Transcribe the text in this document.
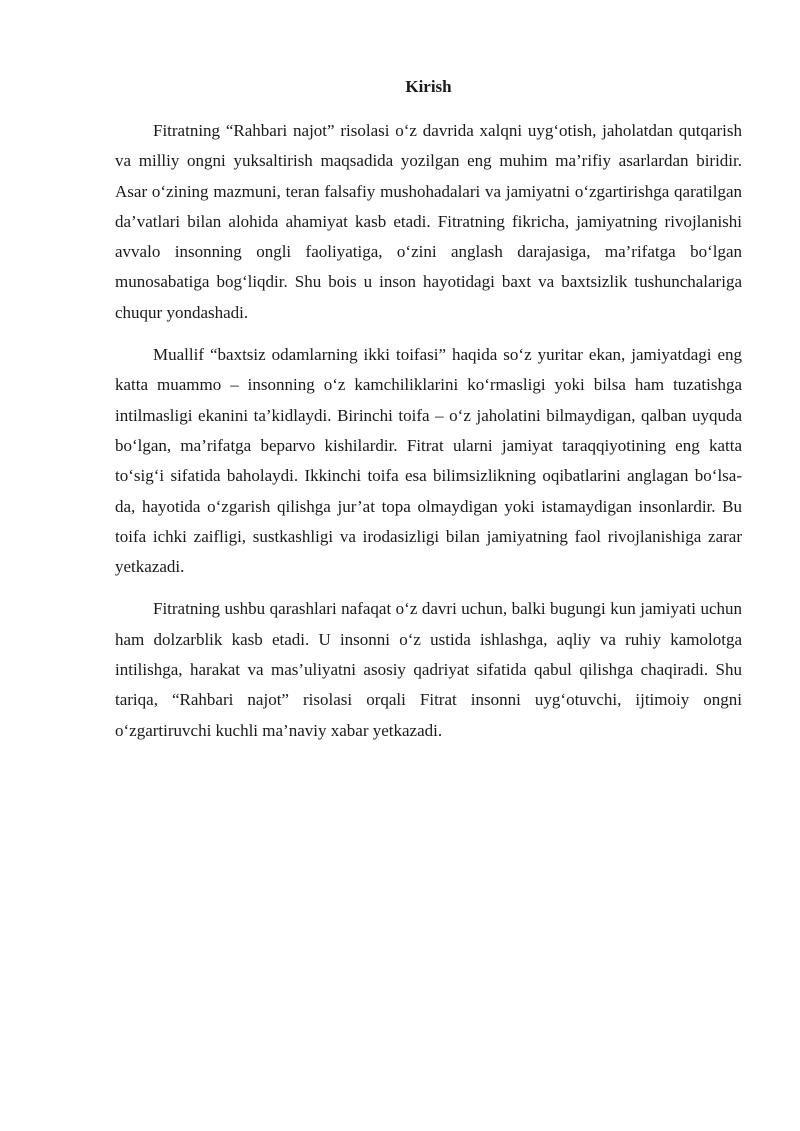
Kirish

Fitratning “Rahbari najot” risolasi o‘z davrida xalqni uyg‘otish, jaholatdan qutqarish va milliy ongni yuksaltirish maqsadida yozilgan eng muhim ma’rifiy asarlardan biridir. Asar o‘zining mazmuni, teran falsafiy mushohadalari va jamiyatni o‘zgartirishga qaratilgan da’vatlari bilan alohida ahamiyat kasb etadi. Fitratning fikricha, jamiyatning rivojlanishi avvalo insonning ongli faoliyatiga, o‘zini anglash darajasiga, ma’rifatga bo‘lgan munosabatiga bog‘liqdir. Shu bois u inson hayotidagi baxt va baxtsizlik tushunchalariga chuqur yondashadi.

Muallif “baxtsiz odamlarning ikki toifasi” haqida so‘z yuritar ekan, jamiyatdagi eng katta muammo – insonning o‘z kamchiliklarini ko‘rmasligi yoki bilsa ham tuzatishga intilmasligi ekanini ta’kidlaydi. Birinchi toifa – o‘z jaholatini bilmaydigan, qalban uyquda bo‘lgan, ma’rifatga beparvo kishilardir. Fitrat ularni jamiyat taraqqiyotining eng katta to‘sig‘i sifatida baholaydi. Ikkinchi toifa esa bilimsizlikning oqibatlarini anglagan bo‘lsa-da, hayotida o‘zgarish qilishga jur’at topa olmaydigan yoki istamaydigan insonlardir. Bu toifa ichki zaifligi, sustkashligi va irodasizligi bilan jamiyatning faol rivojlanishiga zarar yetkazadi.

Fitratning ushbu qarashlari nafaqat o‘z davri uchun, balki bugungi kun jamiyati uchun ham dolzarblik kasb etadi. U insonni o‘z ustida ishlashga, aqliy va ruhiy kamolotga intilishga, harakat va mas’uliyatni asosiy qadriyat sifatida qabul qilishga chaqiradi. Shu tariqa, “Rahbari najot” risolasi orqali Fitrat insonni uyg‘otuvchi, ijtimoiy ongni o‘zgartiruvchi kuchli ma’naviy xabar yetkazadi.
